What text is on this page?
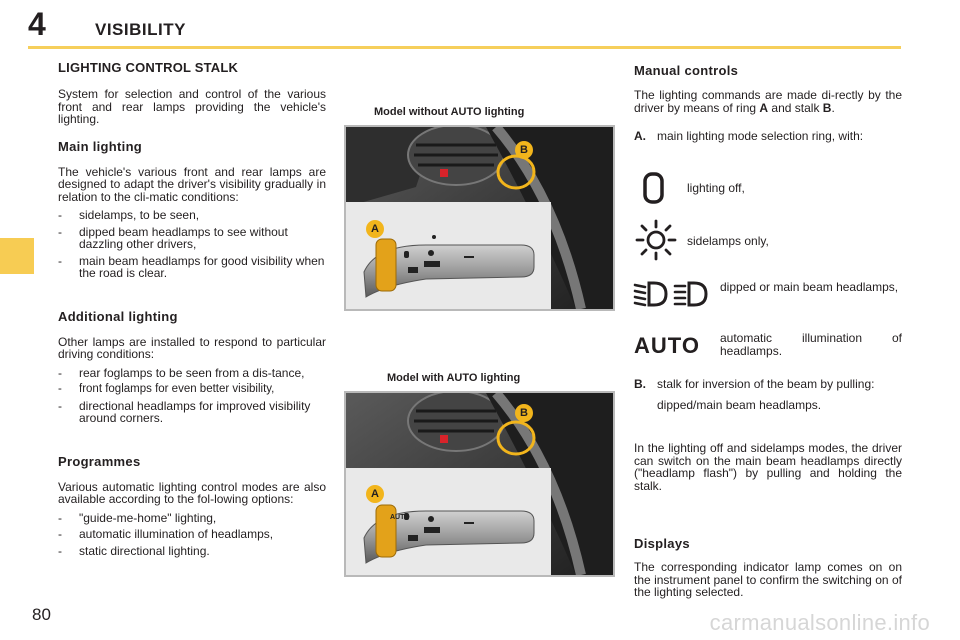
4	VISIBILITY
80
LIGHTING CONTROL STALK
System for selection and control of the various front and rear lamps providing the vehicle's lighting.
Main lighting
The vehicle's various front and rear lamps are designed to adapt the driver's visibility gradually in relation to the cli-matic conditions:
- sidelamps, to be seen,
- dipped beam headlamps to see without dazzling other drivers,
- main beam headlamps for good visibility when the road is clear.
Additional lighting
Other lamps are installed to respond to particular driving conditions:
- rear foglamps to be seen from a dis-tance,
- front foglamps for even better visibility,
- directional headlamps for improved visibility around corners.
Programmes
Various automatic lighting control modes are also available according to the fol-lowing options:
- "guide-me-home" lighting,
- automatic illumination of headlamps,
- static directional lighting.
Model without AUTO lighting
A
B
Model with AUTO lighting
AUTO
A
B
Manual controls
The lighting commands are made di-rectly by the driver by means of ring A and stalk B.
A. main lighting mode selection ring, with:
lighting off,
sidelamps only,
dipped or main beam headlamps,
AUTO automatic illumination of headlamps.
B. stalk for inversion of the beam by pulling:
dipped/main beam headlamps.
In the lighting off and sidelamps modes, the driver can switch on the main beam headlamps directly ("headlamp flash") by pulling and holding the stalk.
Displays
The corresponding indicator lamp comes on on the instrument panel to confirm the switching on of the lighting selected.
carmanualsonline.info
